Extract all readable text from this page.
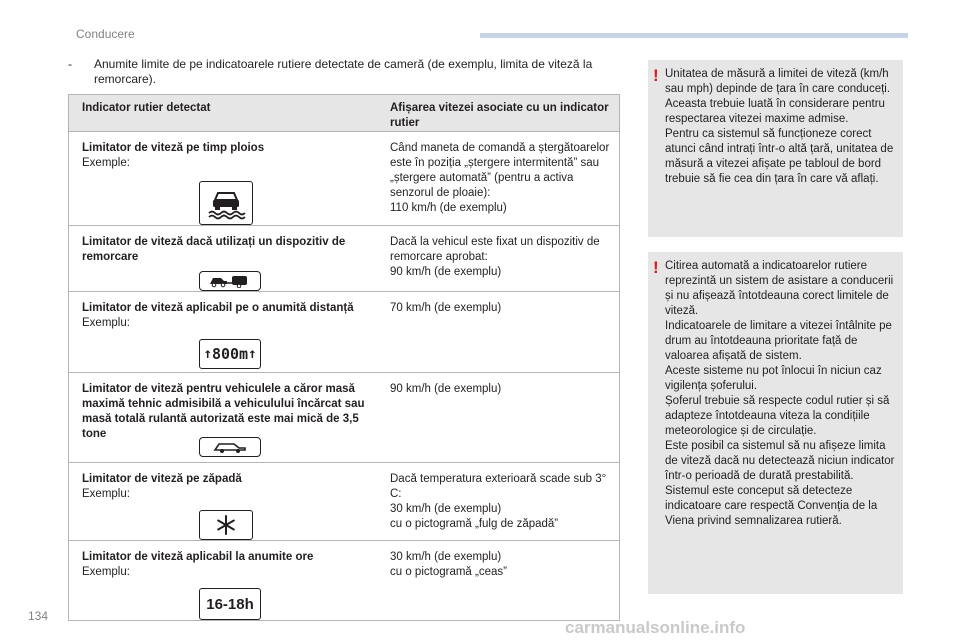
Conducere
- Anumite limite de pe indicatoarele rutiere detectate de cameră (de exemplu, limita de viteză la remorcare).
Indicator rutier detectat	Afișarea vitezei asociate cu un indicator rutier

Limitator de viteză pe timp ploios
Exemple:	Când maneta de comandă a ștergătoarelor este în poziția „ștergere intermitentă” sau „ștergere automată” (pentru a activa senzorul de ploaie):
110 km/h (de exemplu)

Limitator de viteză dacă utilizați un dispozitiv de remorcare	Dacă la vehicul este fixat un dispozitiv de remorcare aprobat:
90 km/h (de exemplu)

Limitator de viteză aplicabil pe o anumită distanță
Exemplu:
↑ 800m ↑	70 km/h (de exemplu)

Limitator de viteză pentru vehiculele a căror masă maximă tehnic admisibilă a vehiculului încărcat sau masă totală rulantă autorizată este mai mică de 3,5 tone	90 km/h (de exemplu)

Limitator de viteză pe zăpadă
Exemplu:	Dacă temperatura exterioară scade sub 3° C:
30 km/h (de exemplu)
cu o pictogramă „fulg de zăpadă”

Limitator de viteză aplicabil la anumite ore
Exemplu:
16-18h	30 km/h (de exemplu)
cu o pictogramă „ceas”
! Unitatea de măsură a limitei de viteză (km/h sau mph) depinde de țara în care conduceți.
Aceasta trebuie luată în considerare pentru respectarea vitezei maxime admise.
Pentru ca sistemul să funcționeze corect atunci când intrați într-o altă țară, unitatea de măsură a vitezei afișate pe tabloul de bord trebuie să fie cea din țara în care vă aflați.
! Citirea automată a indicatoarelor rutiere reprezintă un sistem de asistare a conducerii și nu afișează întotdeauna corect limitele de viteză.
Indicatoarele de limitare a vitezei întâlnite pe drum au întotdeauna prioritate față de valoarea afișată de sistem.
Aceste sisteme nu pot înlocui în niciun caz vigilența șoferului.
Șoferul trebuie să respecte codul rutier și să adapteze întotdeauna viteza la condițiile meteorologice și de circulație.
Este posibil ca sistemul să nu afișeze limita de viteză dacă nu detectează niciun indicator într-o perioadă de durată prestabilită.
Sistemul este conceput să detecteze indicatoare care respectă Convenția de la Viena privind semnalizarea rutieră.
134
carmanualsonline.info
